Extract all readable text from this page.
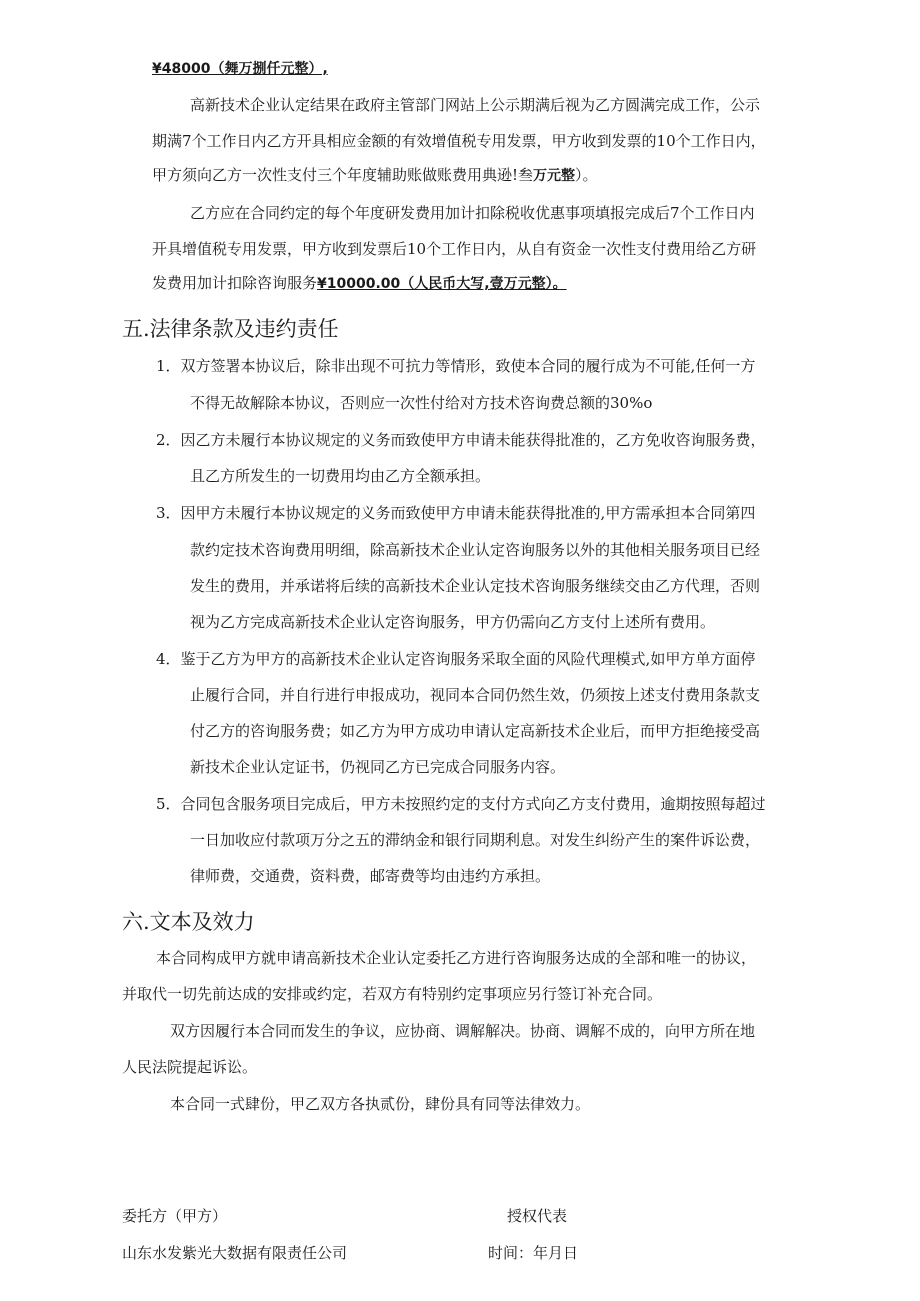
¥48000（舞万捌仟元整）,
高新技术企业认定结果在政府主管部门网站上公示期满后视为乙方圆满完成工作，公示
期满7个工作日内乙方开具相应金额的有效增值税专用发票，甲方收到发票的10个工作日内，
甲方须向乙方一次性支付三个年度辅助账做账费用典逊!叁万元整）。
乙方应在合同约定的每个年度研发费用加计扣除税收优惠事项填报完成后7个工作日内
开具增值税专用发票，甲方收到发票后10个工作日内，从自有资金一次性支付费用给乙方研
发费用加计扣除咨询服务¥10000.00（人民币大写,壹万元整）。
五.法律条款及违约责任
1．双方签署本协议后，除非出现不可抗力等情形，致使本合同的履行成为不可能,任何一方
不得无故解除本协议，否则应一次性付给对方技术咨询费总额的30%o
2．因乙方未履行本协议规定的义务而致使甲方申请未能获得批准的，乙方免收咨询服务费，
且乙方所发生的一切费用均由乙方全额承担。
3．因甲方未履行本协议规定的义务而致使甲方申请未能获得批准的,甲方需承担本合同第四
款约定技术咨询费用明细，除高新技术企业认定咨询服务以外的其他相关服务项目已经
发生的费用，并承诺将后续的高新技术企业认定技术咨询服务继续交由乙方代理，否则
视为乙方完成高新技术企业认定咨询服务，甲方仍需向乙方支付上述所有费用。
4．鉴于乙方为甲方的高新技术企业认定咨询服务采取全面的风险代理模式,如甲方单方面停
止履行合同，并自行进行申报成功，视同本合同仍然生效，仍须按上述支付费用条款支
付乙方的咨询服务费；如乙方为甲方成功申请认定高新技术企业后，而甲方拒绝接受高
新技术企业认定证书，仍视同乙方已完成合同服务内容。
5．合同包含服务项目完成后，甲方未按照约定的支付方式向乙方支付费用，逾期按照每超过
一日加收应付款项万分之五的滞纳金和银行同期利息。对发生纠纷产生的案件诉讼费，
律师费，交通费，资料费，邮寄费等均由违约方承担。
六.文本及效力
本合同构成甲方就申请高新技术企业认定委托乙方进行咨询服务达成的全部和唯一的协议，
并取代一切先前达成的安排或约定，若双方有特别约定事项应另行签订补充合同。
双方因履行本合同而发生的争议，应协商、调解解决。协商、调解不成的，向甲方所在地
人民法院提起诉讼。
本合同一式肆份，甲乙双方各执贰份，肆份具有同等法律效力。
委托方（甲方）	授权代表
山东水发紫光大数据有限责任公司	时间：年月日
